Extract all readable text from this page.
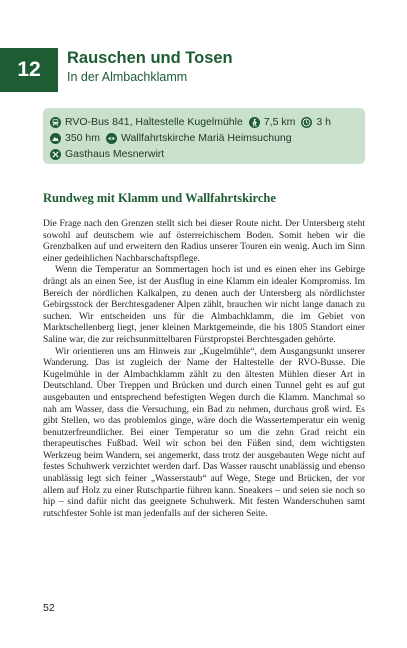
12	Rauschen und Tosen
In der Almbachklamm
RVO-Bus 841, Haltestelle Kugelmühle 7,5 km 3 h
350 hm Wallfahrtskirche Mariä Heimsuchung
Gasthaus Mesnerwirt
Rundweg mit Klamm und Wallfahrtskirche

Die Frage nach den Grenzen stellt sich bei dieser Route nicht. Der Untersberg steht sowohl auf deutschem wie auf österreichischem Boden. Somit heben wir die Grenzbalken auf und erweitern den Radius unserer Touren ein wenig. Auch im Sinn einer gedeihlichen Nachbarschaftspflege.

Wenn die Temperatur an Sommertagen hoch ist und es einen eher ins Gebirge drängt als an einen See, ist der Ausflug in eine Klamm ein idealer Kompromiss. Im Bereich der nördlichen Kalkalpen, zu denen auch der Untersberg als nördlichster Gebirgsstock der Berchtesgadener Alpen zählt, brauchen wir nicht lange danach zu suchen. Wir entscheiden uns für die Almbachklamm, die im Gebiet von Marktschellenberg liegt, jener kleinen Marktgemeinde, die bis 1805 Standort einer Saline war, die zur reichsunmittelbaren Fürstpropstei Berchtesgaden gehörte.

Wir orientieren uns am Hinweis zur „Kugelmühle“, dem Ausgangsunkt unserer Wanderung. Das ist zugleich der Name der Haltestelle der RVO-Busse. Die Kugelmühle in der Almbachklamm zählt zu den ältesten Mühlen dieser Art in Deutschland. Über Treppen und Brücken und durch einen Tunnel geht es auf gut ausgebauten und entsprechend befestigten Wegen durch die Klamm. Manchmal so nah am Wasser, dass die Versuchung, ein Bad zu nehmen, durchaus groß wird. Es gibt Stellen, wo das problemlos ginge, wäre doch die Wassertemperatur ein wenig benutzerfreundlicher. Bei einer Temperatur so um die zehn Grad reicht ein therapeutisches Fußbad. Weil wir schon bei den Füßen sind, dem wichtigsten Werkzeug beim Wandern, sei angemerkt, dass trotz der ausgebauten Wege nicht auf festes Schuhwerk verzichtet werden darf. Das Wasser rauscht unablässig und ebenso unablässig legt sich feiner „Wasserstaub“ auf Wege, Stege und Brücken, der vor allem auf Holz zu einer Rutschpartie führen kann. Sneakers – und seien sie noch so hip – sind dafür nicht das geeignete Schuhwerk. Mit festen Wanderschuhen samt rutschfester Sohle ist man jedenfalls auf der sicheren Seite.

52
